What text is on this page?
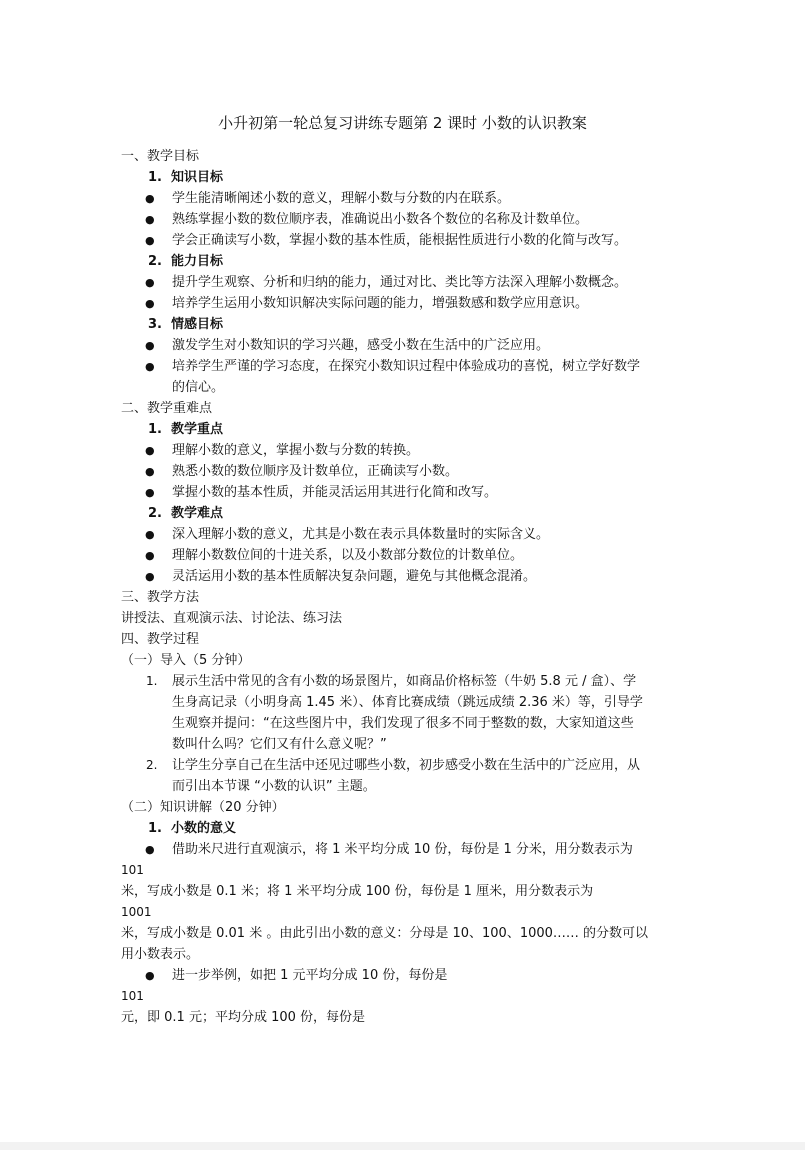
小升初第一轮总复习讲练专题第 2 课时 小数的认识教案
一、教学目标
1. 知识目标
● 学生能清晰阐述小数的意义，理解小数与分数的内在联系。
● 熟练掌握小数的数位顺序表，准确说出小数各个数位的名称及计数单位。
● 学会正确读写小数，掌握小数的基本性质，能根据性质进行小数的化简与改写。
2. 能力目标
● 提升学生观察、分析和归纳的能力，通过对比、类比等方法深入理解小数概念。
● 培养学生运用小数知识解决实际问题的能力，增强数感和数学应用意识。
3. 情感目标
● 激发学生对小数知识的学习兴趣，感受小数在生活中的广泛应用。
● 培养学生严谨的学习态度，在探究小数知识过程中体验成功的喜悦，树立学好数学
的信心。
二、教学重难点
1. 教学重点
● 理解小数的意义，掌握小数与分数的转换。
● 熟悉小数的数位顺序及计数单位，正确读写小数。
● 掌握小数的基本性质，并能灵活运用其进行化简和改写。
2. 教学难点
● 深入理解小数的意义，尤其是小数在表示具体数量时的实际含义。
● 理解小数数位间的十进关系，以及小数部分数位的计数单位。
● 灵活运用小数的基本性质解决复杂问题，避免与其他概念混淆。
三、教学方法
讲授法、直观演示法、讨论法、练习法
四、教学过程
（一）导入（5 分钟）
1. 展示生活中常见的含有小数的场景图片，如商品价格标签（牛奶 5.8 元 / 盒）、学
生身高记录（小明身高 1.45 米）、体育比赛成绩（跳远成绩 2.36 米）等，引导学
生观察并提问：“在这些图片中，我们发现了很多不同于整数的数，大家知道这些
数叫什么吗？它们又有什么意义呢？”
2. 让学生分享自己在生活中还见过哪些小数，初步感受小数在生活中的广泛应用，从
而引出本节课 “小数的认识” 主题。
（二）知识讲解（20 分钟）
1. 小数的意义
● 借助米尺进行直观演示，将 1 米平均分成 10 份，每份是 1 分米，用分数表示为
101
米，写成小数是 0.1 米；将 1 米平均分成 100 份，每份是 1 厘米，用分数表示为
1001
米，写成小数是 0.01 米 。由此引出小数的意义：分母是 10、100、1000…… 的分数可以
用小数表示。
● 进一步举例，如把 1 元平均分成 10 份，每份是
101
元，即 0.1 元；平均分成 100 份，每份是
